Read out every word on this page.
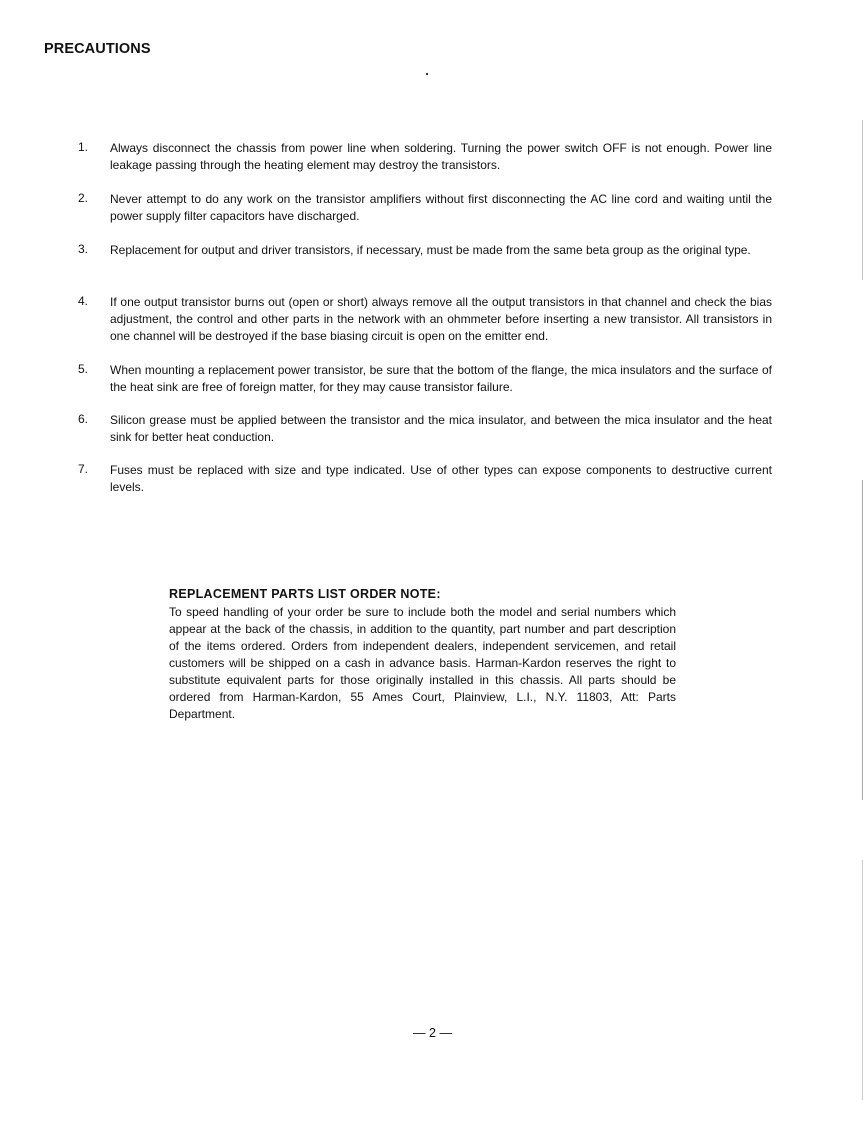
PRECAUTIONS
1. Always disconnect the chassis from power line when soldering. Turning the power switch OFF is not enough. Power line leakage passing through the heating element may destroy the transistors.
2. Never attempt to do any work on the transistor amplifiers without first disconnecting the AC line cord and waiting until the power supply filter capacitors have discharged.
3. Replacement for output and driver transistors, if necessary, must be made from the same beta group as the original type.
4. If one output transistor burns out (open or short) always remove all the output transistors in that channel and check the bias adjustment, the control and other parts in the network with an ohmmeter before inserting a new transistor. All transistors in one channel will be destroyed if the base biasing circuit is open on the emitter end.
5. When mounting a replacement power transistor, be sure that the bottom of the flange, the mica insulators and the surface of the heat sink are free of foreign matter, for they may cause transistor failure.
6. Silicon grease must be applied between the transistor and the mica insulator, and between the mica insulator and the heat sink for better heat conduction.
7. Fuses must be replaced with size and type indicated. Use of other types can expose components to destructive current levels.

REPLACEMENT PARTS LIST ORDER NOTE:

To speed handling of your order be sure to include both the model and serial numbers which appear at the back of the chassis, in addition to the quantity, part number and part description of the items ordered. Orders from independent dealers, independent servicemen, and retail customers will be shipped on a cash in advance basis. Harman-Kardon reserves the right to substitute equivalent parts for those originally installed in this chassis. All parts should be ordered from Harman-Kardon, 55 Ames Court, Plainview, L.I., N.Y. 11803, Att: Parts Department.

— 2 —
